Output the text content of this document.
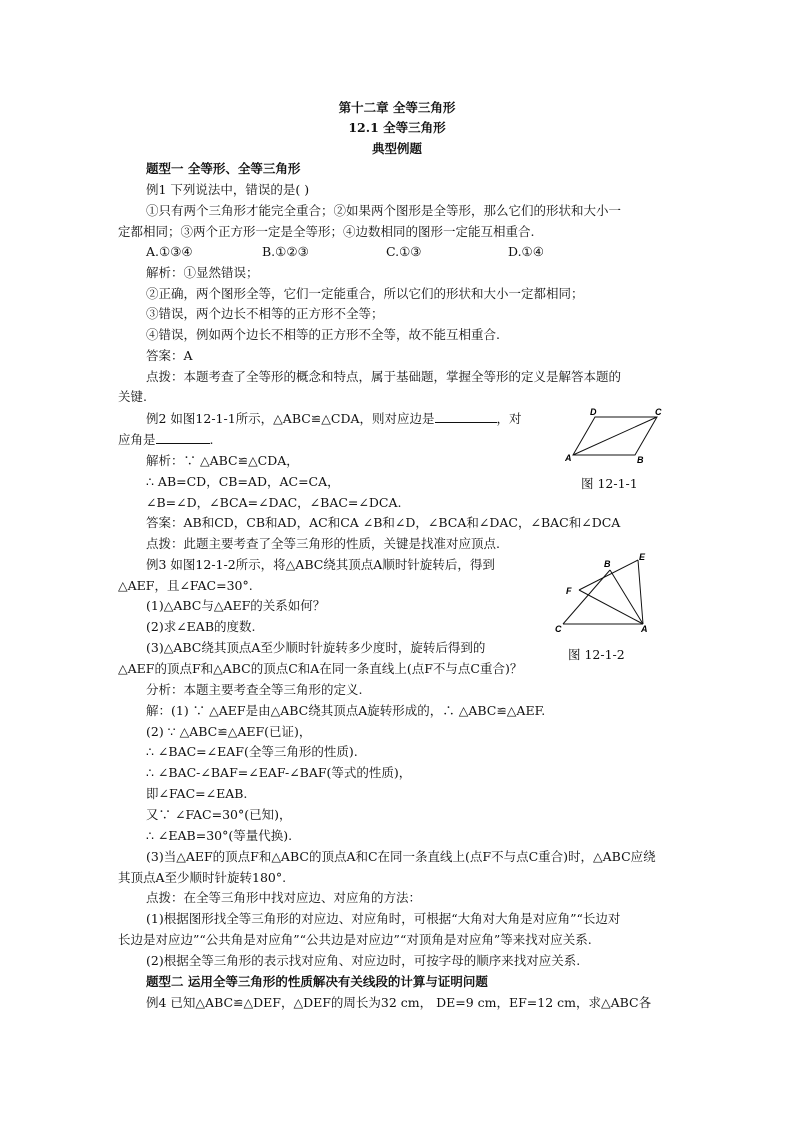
第十二章 全等三角形
12.1 全等三角形
典型例题
题型一 全等形、全等三角形
例1 下列说法中，错误的是( )
①只有两个三角形才能完全重合；②如果两个图形是全等形，那么它们的形状和大小一
定都相同；③两个正方形一定是全等形；④边数相同的图形一定能互相重合.
A.①③④	B.①②③	C.①③	D.①④
解析：①显然错误；
②正确，两个图形全等，它们一定能重合，所以它们的形状和大小一定都相同；
③错误，两个边长不相等的正方形不全等；
④错误，例如两个边长不相等的正方形不全等，故不能互相重合.
答案：A
点拨：本题考查了全等形的概念和特点，属于基础题，掌握全等形的定义是解答本题的
关键.
例2 如图12-1-1所示，△ABC≌△CDA，则对应边是	，对
应角是	.
解析：∵ △ABC≌△CDA，
∴ AB=CD，CB=AD，AC=CA，
∠B=∠D，∠BCA=∠DAC，∠BAC=∠DCA.
答案：AB和CD，CB和AD，AC和CA ∠B和∠D，∠BCA和∠DAC，∠BAC和∠DCA
点拨：此题主要考查了全等三角形的性质，关键是找准对应顶点.
D	C
A	B
图 12-1-1
例3 如图12-1-2所示，将△ABC绕其顶点A顺时针旋转后，得到
△AEF，且∠FAC=30°.
(1)△ABC与△AEF的关系如何？
(2)求∠EAB的度数.
(3)△ABC绕其顶点A至少顺时针旋转多少度时，旋转后得到的
△AEF的顶点F和△ABC的顶点C和A在同一条直线上(点F不与点C重合)？
分析：本题主要考查全等三角形的定义.
解：(1) ∵ △AEF是由△ABC绕其顶点A旋转形成的，∴ △ABC≌△AEF.
(2) ∵ △ABC≌△AEF(已证)，
∴ ∠BAC=∠EAF(全等三角形的性质).
∴ ∠BAC-∠BAF=∠EAF-∠BAF(等式的性质)，
即∠FAC=∠EAB.
又∵ ∠FAC=30°(已知)，
∴ ∠EAB=30°(等量代换).
(3)当△AEF的顶点F和△ABC的顶点A和C在同一条直线上(点F不与点C重合)时，△ABC应绕
其顶点A至少顺时针旋转180°.
点拨：在全等三角形中找对应边、对应角的方法：
(1)根据图形找全等三角形的对应边、对应角时，可根据“大角对大角是对应角”“长边对
长边是对应边”“公共角是对应角”“公共边是对应边”“对顶角是对应角”等来找对应关系.
(2)根据全等三角形的表示找对应角、对应边时，可按字母的顺序来找对应关系.
B
E
F
C	A
图 12-1-2
题型二 运用全等三角形的性质解决有关线段的计算与证明问题
例4 已知△ABC≌△DEF，△DEF的周长为32 cm， DE=9 cm，EF=12 cm，求△ABC各
